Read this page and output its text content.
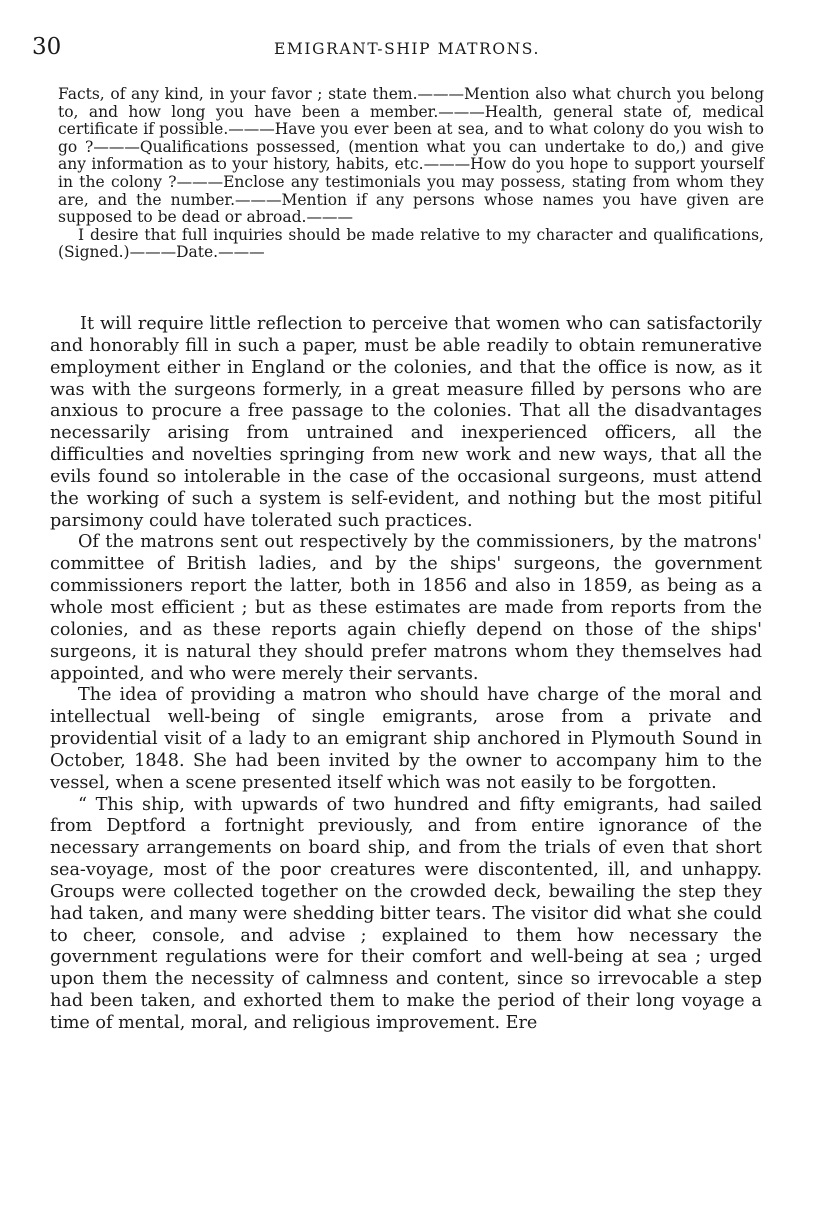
30	EMIGRANT-SHIP MATRONS.

Facts, of any kind, in your favor ; state them.———Mention also what church you belong to, and how long you have been a member.———Health, general state of, medical certificate if possible.———Have you ever been at sea, and to what colony do you wish to go ?———Qualifications possessed, (mention what you can undertake to do,) and give any information as to your history, habits, etc.———How do you hope to support yourself in the colony ?———Enclose any testimonials you may possess, stating from whom they are, and the number.———Mention if any persons whose names you have given are supposed to be dead or abroad.———

I desire that full inquiries should be made relative to my character and qualifications, (Signed.)———Date.———

It will require little reflection to perceive that women who can satisfactorily and honorably fill in such a paper, must be able readily to obtain remunerative employment either in England or the colonies, and that the office is now, as it was with the surgeons formerly, in a great measure filled by persons who are anxious to procure a free passage to the colonies. That all the disadvantages necessarily arising from untrained and inexperienced officers, all the difficulties and novelties springing from new work and new ways, that all the evils found so intolerable in the case of the occasional surgeons, must attend the working of such a system is self-evident, and nothing but the most pitiful parsimony could have tolerated such practices.

Of the matrons sent out respectively by the commissioners, by the matrons' committee of British ladies, and by the ships' surgeons, the government commissioners report the latter, both in 1856 and also in 1859, as being as a whole most efficient ; but as these estimates are made from reports from the colonies, and as these reports again chiefly depend on those of the ships' surgeons, it is natural they should prefer matrons whom they themselves had appointed, and who were merely their servants.

The idea of providing a matron who should have charge of the moral and intellectual well-being of single emigrants, arose from a private and providential visit of a lady to an emigrant ship anchored in Plymouth Sound in October, 1848. She had been invited by the owner to accompany him to the vessel, when a scene presented itself which was not easily to be forgotten.

“ This ship, with upwards of two hundred and fifty emigrants, had sailed from Deptford a fortnight previously, and from entire ignorance of the necessary arrangements on board ship, and from the trials of even that short sea-voyage, most of the poor creatures were discontented, ill, and unhappy. Groups were collected together on the crowded deck, bewailing the step they had taken, and many were shedding bitter tears. The visitor did what she could to cheer, console, and advise ; explained to them how necessary the government regulations were for their comfort and well-being at sea ; urged upon them the necessity of calmness and content, since so irrevocable a step had been taken, and exhorted them to make the period of their long voyage a time of mental, moral, and religious improvement. Ere
